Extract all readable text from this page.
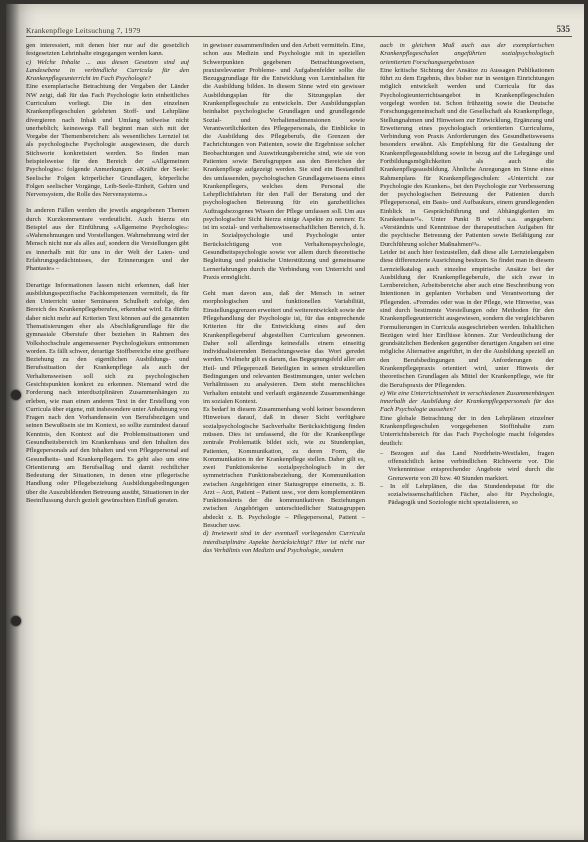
Krankenpflege Leitsuchung 7, 1979	535

gen interessiert, mit denen hier nur auf die gesetzlich festgesetzten Lehrinhalte eingegangen werden kann.

c) Welche Inhalte ... aus diesen Gesetzen sind auf Landesebene in verbindliche Curricula für den Krankenpflegeunterricht im Fach Psychologie?

Eine exemplarische Betrachtung der Vergaben der Länder NW zeigt, daß für das Fach Psychologie kein einheitliches Curriculum vorliegt. Die in den einzelnen Krankenpflegeschulen gelehrten Stoff- und Lehrpläne divergieren nach Inhalt und Umfang teilweise nicht unerheblich; keineswegs Fall beginnt man sich mit der Vorgabe der Themenbereichen: als wesentliches Lernziel ist als psychologische Psychologie ausgewiesen, die durch Stichworte konkretisiert werden. So finden man beispielsweise für den Bereich der «Allgemeinen Psychologie»: folgende Anmerkungen: «Kräfte der Seele: Seelische Folgen körperlicher Grundlagen, körperliche Folgen seelischer Vorgänge, Leib-Seele-Einheit, Gehirn und Nervensystem, die Rolle des Nervensystems.»

In anderen Fällen werden die jeweils angegebenen Themen durch Kurzkommentare verdeutlicht. Auch hierzu ein Beispiel aus der Einführung «Allgemeine Psychologie»: «Wahrnehmungen und Vorstellungen. Wahrnehmung wird der Mensch nicht nur als alles auf, sondern die Verstellungen gibt es innerhalb mit für uns in der Welt der Laien- und Erfahrungsgedächtnisses, der Erinnerungen und der Phantasie» –

Derartige Informationen lassen nicht erkennen, daß hier ausbildungsspezifische Fachkompetenzen vermittelt, da für den Unterricht unter Seminaren Schulheft zufolge, den Bereich des Krankenpflegeberufes, erkennbar wird. Es dürfte daher nicht mehr auf Kriterien Text können auf die genannten Thematisierungen eher als Abschlußgrundlage für die gymnasiale Oberstufe über beziehen in Rahmen des Volkshochschule angemessener Psychologiekurs entnommen worden. Es fällt schwer, derartige Stoffbereiche eine greifbare Beziehung zu den eigentlichen Ausbildungs- und Berufssituation der Krankenpflege als auch der Verhaltensweisen soll sich zu psychologischen Gesichtspunkten konkret zu erkennen. Niemand wird die Forderung nach interdisziplinären Zusammenhängen zu erleben, wie man einen anderen Text in der Erstellung von Curricula über eigene, mit insbesondere unter Anbahnung von Fragen nach den Vorhandensein von Berufsbezügen und seinen Bewußtsein sie im Kontext, so sollte zumindest darauf Kenntnis, den Kontext auf die Problemsituationen und Gesundheitsbereich im Krankenhaus und den Inhalten des Pflegepersonals auf den Inhalten und von Pflegepersonal auf Gesundheits- und Krankenpflegern. Es geht also um eine Orientierung am Berufsalltag und damit rechtlicher Bedeutung der Situationen, in denen eine pflegerische Handlung oder Pflegebeziehung Ausbildungsbedingungen über die Auszubildenden Betreuung ausübt, Situationen in der Beeinflussung durch gezielt gewünschten Einfluß geraten.

in gewisser zusammenfinden und den Arbeit vermitteln. Eine, schon aus Medizin und Psychologie mit in speziellen Schwerpunkten gegebenen Betrachtungsweisen, praxisrelevanter Probleme- und Aufgabenfelder sollte die Bezugsgrundlage für die Entwicklung von Lerninhalten für die Ausbildung bilden. In diesem Sinne wird ein gewisser Ausbildungsplan für die Sitzungsplan der Krankenpflegeschule zu entwickeln. Der Ausbildungsplan beinhaltet psychologische Grundlagen und grundlegende Sozial- und Verhaltensdimensionen sowie Verantwortlichkeiten des Pflegepersonals, die Einblicke in die Ausbildung des Pflegeberufs, die Grenzen der Fachrichtungen von Patienten, sowie die Ergebnisse solcher Beobachtungen und Auswirkungsbereiche sind, wie sie von Patienten sowie Berufsgruppen aus den Bereichen der Krankenpflege aufgezeigt werden. Sie sind ein Bestandteil des umfassenden, psychologischen Grundlagenwissens eines Krankenpflegers, welches dem Personal die Lehrpflichtfahrten für den Fall der Beratung und der psychologischen Betreuung für ein ganzheitliches Auftragsbezogenes Wissen der Pflege umfassen soll. Um aus psychologischer Sicht hierzu einige Aspekte zu nennen: Es ist im sozial- und verhaltenswissenschaftlichen Bereich, d. h. in Sozialpsychologie und Psychologie unter Berücksichtigung von Verhaltenspsychologie, Gesundheitspsychologie sowie vor allem durch theoretische Begleitung und praktische Unterstützung und gemeinsame Lernerfahrungen durch die Verbindung von Unterricht und Praxis ermöglicht.

Geht man davon aus, daß der Mensch in seiner morphologischen und funktionellen Variabilität, Einstellungsgrenzen erweitert und weiterentwickelt sowie der Pflegehandlung der Psychologie ist, für das entsprechende Kriterien für die Entwicklung eines auf den Krankenpflegeberuf abgestellten Curriculum gewonnen. Daher soll allerdings keinesfalls einem einseitig individualisierenden Betrachtungsweise das Wort geredet werden. Vielmehr gilt es darum, das Begegnungsfeld aller am Heil- und Pflegeprozeß Beteiligten in seinen strukturellen Bedingungen und relevanten Bestimmungen, unter welchen Verhältnissen zu analysieren. Dem steht menschliches Verhalten entsteht und verlauft ergänzende Zusammenhänge im sozialen Kontext.

Es bedarf in diesem Zusammenhang wohl keiner besonderen Hinweises darauf, daß in dieser Sicht verfügbare sozialpsychologische Sachverhalte Berücksichtigung finden müssen. Dies ist umfassend, die für die Krankenpflege zentrale Problematik bildet sich, wie zu Stundenplan, Patienten, Kommunikation, zu deren Form, die Kommunikation in der Krankenpflege stellen. Daher gilt es, zwei Funktionskreise sozialpsychologisch in der symmetrischen Funktionsbeziehung, der Kommunikation zwischen Angehörigen einer Statusgruppe einerseits, z. B. Arzt – Arzt, Patient – Patient usw., vor dem komplementären Funktionskreis der die kommunikativen Beziehungen zwischen Angehörigen unterschiedlicher Statusgruppen abdeckt z. B. Psychologie – Pflegepersonal, Patient – Besucher usw.

d) Inwieweit sind in der eventuell vorliegenden Curricula interdisziplinäre Aspekte berücksichtigt? Hier ist nicht nur das Verhältnis von Medizin und Psychologie, sondern

auch in gleichem Maß auch aus der exemplarischen Krankenpflegeschulen angeführten sozialpsychologisch orientierten Forschungsergebnissen

Eine kritische Sichtung der Ansätze zu Aussagen Publikationen führt zu dem Ergebnis, dies bisher nur in wenigen Einrichtungen möglich entwickelt werden und Curricula für das Psychologieunterrichtsangebot in Krankenpflegeschulen vorgelegt worden ist. Schon frühzeitig sowie die Deutsche Forschungsgemeinschaft und die Gesellschaft als Krankenpflege, Stellungnahmen und Hinweisen zur Entwicklung, Ergänzung und Erweiterung eines psychologisch orientierten Curriculums, Verbindung von Praxis Anforderungen des Gesundheitswesens besonders erwähnt. Als Empfehlung für die Gestaltung der Krankenpflegeausbildung sowie in bezug auf die Lehrgänge und Fortbildungsmöglichkeiten als auch die Krankenpflegeausbildung. Ähnliche Anregungen im Sinne eines Rahmenplans für Krankenpflegeschulen: «Unterricht zur Psychologie des Kranken», bei den Psychologie zur Verbesserung der psychologischen Betreuung der Patienten durch Pflegepersonal, ein Basis- und Aufbaukurs, einem grundlegenden Einblick in Gesprächsführung und Abhängigkeiten im Krankenhaus¹²». Unter Punkt B wird u.a. angegeben: «Verständnis und Kenntnisse der therapeutischen Aufgaben für die psychische Betreuung der Patienten sowie Befähigung zur Durchführung solcher Maßnahmen¹³».

Leider ist auch hier festzustellen, daß diese alle Lernzielangaben diese differenzierte Ausrichtung besitzen. So findet man in diesem Lernzielkatalog auch einzelne empirische Ansätze bei der Ausbildung der Krankenpflegeberufe, die sich zwar in Lernbereichen, Arbeitsbereiche aber auch eine Beschreibung von Intentionen in geplanten Vorhaben und Verantwortung der Pflegenden. «Fremdes oder was in der Pflege, wie Hinweise, was sind durch bestimmte Vorstellungen oder Methoden für den Krankenpflegeunterricht ausgewiesen, sondern die vergleichbaren Formulierungen in Curricula ausgeschrieben werden. Inhaltlichen Bezügen wird hier Einflüsse können. Zur Verdeutlichung der grundsätzlichen Bedenken gegenüber derartigen Angaben sei eine mögliche Alternative angeführt, in der die Ausbildung speziell an den Berufsbedingungen und Anforderungen der Krankenpflegepraxis orientiert wird, unter Hinweis der theoretischen Grundlagen als Mittel der Krankenpflege, wie für die Berufspraxis der Pflegenden.

e) Wie eine Unterrichtseinheit in verschiedenen Zusammenhängen innerhalb der Ausbildung der Krankenpflegepersonals für das Fach Psychologie aussehen?

Eine globale Betrachtung der in den Lehrplänen einzelner Krankenpflegeschulen vorgegebenen Stoffinhalte zum Unterrichtsbereich für das Fach Psychologie macht folgendes deutlich:

– Bezogen auf das Land Nordrhein-Westfalen, fragen offensichtlich keine verbindlichen Richtwerte vor. Die Vorkenntnisse entsprechender Angebote wird durch die Grenzwerte von 20 bzw. 40 Stunden markiert.
– In elf Lehrplänen, die das Stundendeputat für die sozialwissenschaftlichen Fächer, also für Psychologie, Pädagogik und Soziologie nicht spezialisieren, so
